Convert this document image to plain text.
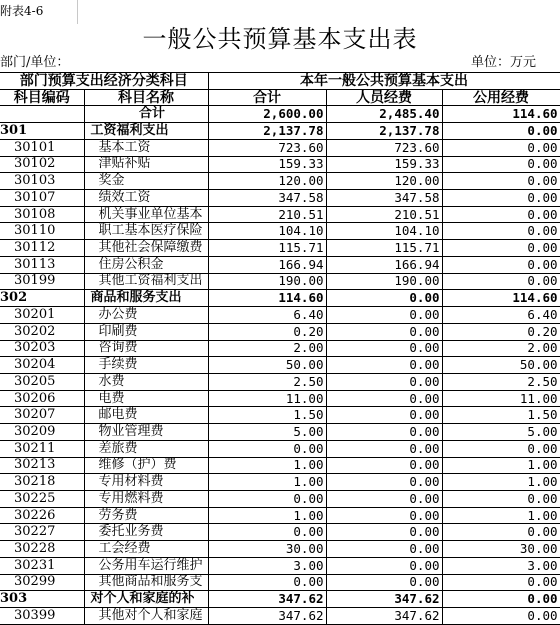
附表4-6
一般公共预算基本支出表
部门/单位：	单位：万元
部门预算支出经济分类科目		本年一般公共预算基本支出		
科目编码	科目名称	合计	人员经费	公用经费
	合计	2,600.00	2,485.40	114.60
301	工资福利支出	2,137.78	2,137.78	0.00
30101	基本工资	723.60	723.60	0.00
30102	津贴补贴	159.33	159.33	0.00
30103	奖金	120.00	120.00	0.00
30107	绩效工资	347.58	347.58	0.00
30108	机关事业单位基本	210.51	210.51	0.00
30110	职工基本医疗保险	104.10	104.10	0.00
30112	其他社会保障缴费	115.71	115.71	0.00
30113	住房公积金	166.94	166.94	0.00
30199	其他工资福利支出	190.00	190.00	0.00
302	商品和服务支出	114.60	0.00	114.60
30201	办公费	6.40	0.00	6.40
30202	印刷费	0.20	0.00	0.20
30203	咨询费	2.00	0.00	2.00
30204	手续费	50.00	0.00	50.00
30205	水费	2.50	0.00	2.50
30206	电费	11.00	0.00	11.00
30207	邮电费	1.50	0.00	1.50
30209	物业管理费	5.00	0.00	5.00
30211	差旅费	0.00	0.00	0.00
30213	维修（护）费	1.00	0.00	1.00
30218	专用材料费	1.00	0.00	1.00
30225	专用燃料费	0.00	0.00	0.00
30226	劳务费	1.00	0.00	1.00
30227	委托业务费	0.00	0.00	0.00
30228	工会经费	30.00	0.00	30.00
30231	公务用车运行维护	3.00	0.00	3.00
30299	其他商品和服务支	0.00	0.00	0.00
303	对个人和家庭的补	347.62	347.62	0.00
30399	其他对个人和家庭	347.62	347.62	0.00
